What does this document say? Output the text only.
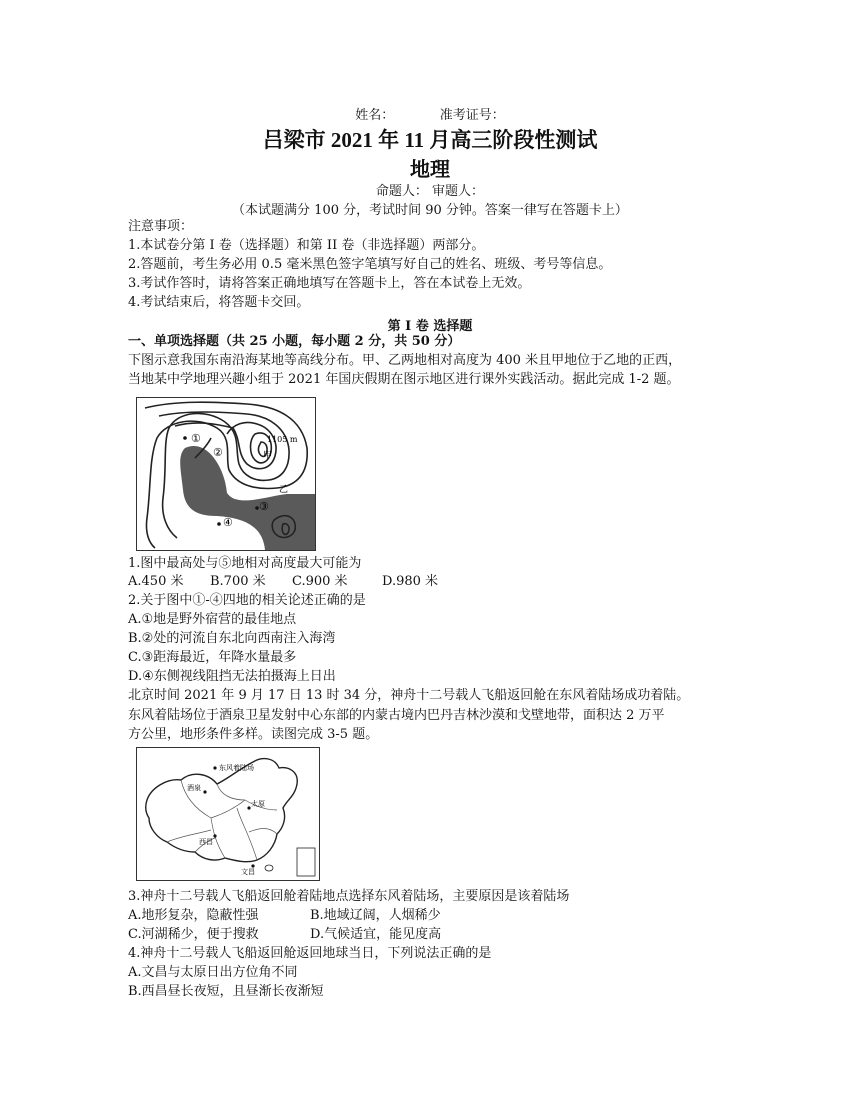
姓名：           准考证号：
吕梁市 2021 年 11 月高三阶段性测试
地理
命题人： 审题人：
（本试题满分 100 分，考试时间 90 分钟。答案一律写在答题卡上）
注意事项：
1.本试卷分第 I 卷（选择题）和第 II 卷（非选择题）两部分。
2.答题前，考生务必用 0.5 毫米黑色签字笔填写好自己的姓名、班级、考号等信息。
3.考试作答时，请将答案正确地填写在答题卡上，答在本试卷上无效。
4.考试结束后，将答题卡交回。
第 I 卷 选择题
一、单项选择题（共 25 小题，每小题 2 分，共 50 分）
下图示意我国东南沿海某地等高线分布。甲、乙两地相对高度为 400 米且甲地位于乙地的正西，
当地某中学地理兴趣小组于 2021 年国庆假期在图示地区进行课外实践活动。据此完成 1-2 题。
①
②
③
④
甲
乙
1105 m
1.图中最高处与⑤地相对高度最大可能为
A.450 米 B.700 米 C.900 米	D.980 米
2.关于图中①-④四地的相关论述正确的是
A.①地是野外宿营的最佳地点
B.②处的河流自东北向西南注入海湾
C.③距海最近，年降水量最多
D.④东侧视线阻挡无法拍摄海上日出
北京时间 2021 年 9 月 17 日 13 时 34 分，神舟十二号载人飞船返回舱在东风着陆场成功着陆。
东风着陆场位于酒泉卫星发射中心东部的内蒙古境内巴丹吉林沙漠和戈壁地带，面积达 2 万平
方公里，地形条件多样。读图完成 3-5 题。
东风着陆场
酒泉
西昌
太原
文昌
3.神舟十二号载人飞船返回舱着陆地点选择东风着陆场，主要原因是该着陆场
A.地形复杂，隐蔽性强	B.地域辽阔，人烟稀少
C.河湖稀少，便于搜救	D.气候适宜，能见度高
4.神舟十二号载人飞船返回舱返回地球当日，下列说法正确的是
A.文昌与太原日出方位角不同
B.西昌昼长夜短，且昼渐长夜渐短
